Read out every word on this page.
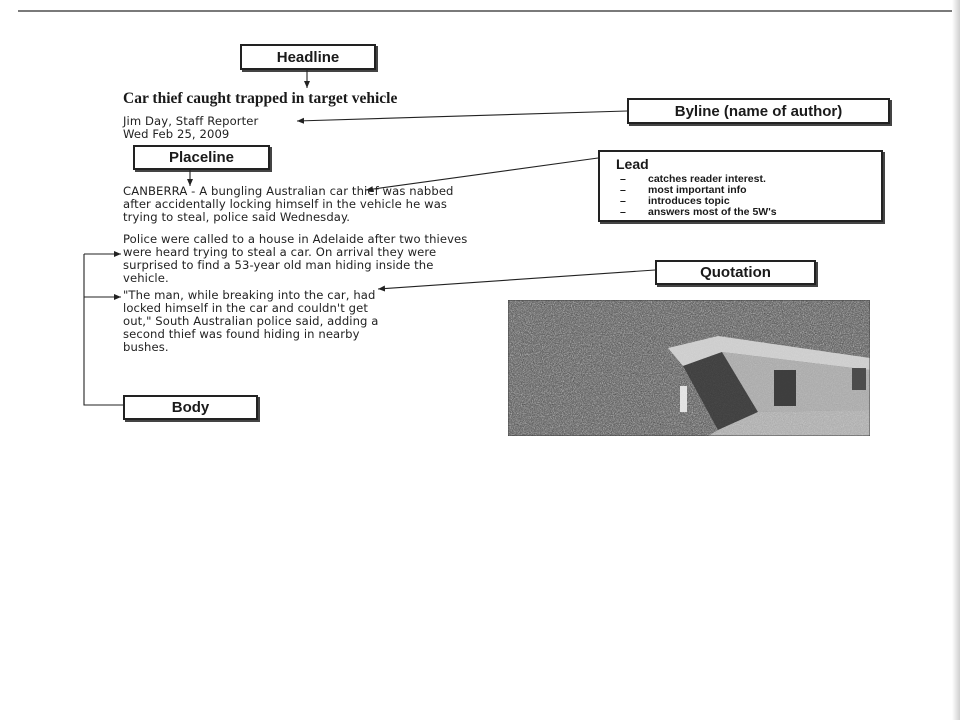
Headline
Byline (name of author)
Placeline
Quotation
Body
Lead
– catches reader interest.
– most important info
– introduces topic
– answers most of the 5W's
Car thief caught trapped in target vehicle
Jim Day, Staff Reporter
Wed Feb 25, 2009
CANBERRA - A bungling Australian car thief was nabbed
after accidentally locking himself in the vehicle he was
trying to steal, police said Wednesday.
Police were called to a house in Adelaide after two thieves
were heard trying to steal a car. On arrival they were
surprised to find a 53-year old man hiding inside the
vehicle.
"The man, while breaking into the car, had
locked himself in the car and couldn't get
out," South Australian police said, adding a
second thief was found hiding in nearby
bushes.
